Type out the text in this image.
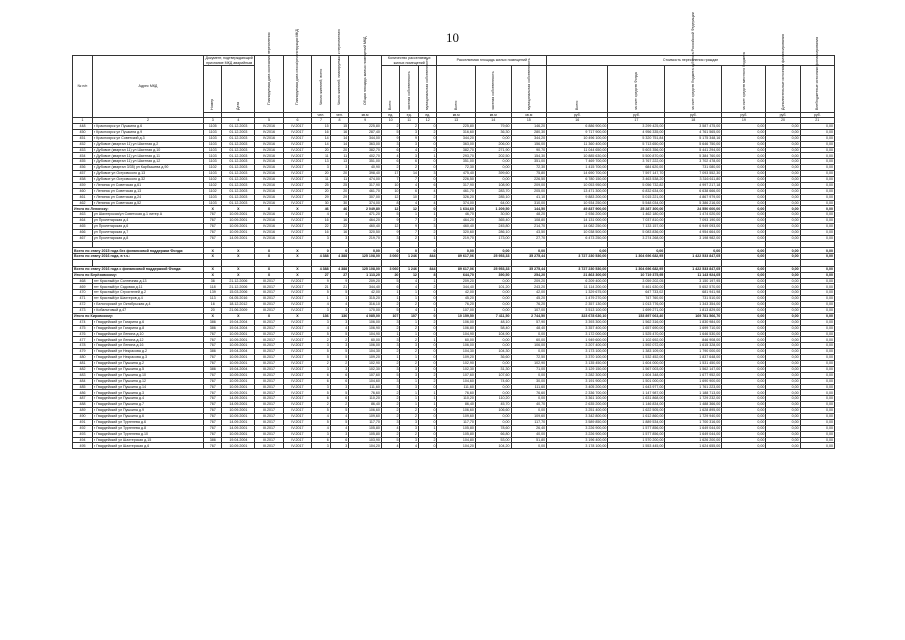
10
№ п/п	Адрес МКД	Документ, подтверждающий признание МКД аварийным		Планируемая дата окончания переселения	Планируемая дата сноса/реконструкции МКД	Число жителей, всего	Число жителей, планируемых к переселению	Общая площадь жилых помещений МКД	Количество расселяемых жилых помещений			Расселяемая площадь жилых помещений			Стоимость переселения граждан					
		Номер	Дата						Всего	частная собственность	муниципальная собственность	Всего	частная собственность	муниципальная собственность	Всего	за счет средств Фонда	за счет средств бюджета субъекта Российской Федерации	за счет средств местного бюджета	Дополнительные источники финансирования	Внебюджетные источники финансирования
						чел.	чел.	кв.м	ед.	ед.	ед.	кв.м	кв.м	кв.м	руб.	руб.	руб.	руб.	руб.	руб.
1	2	3	4	5	6	7	8	9	10	11	12	13	14	15	16	17	18	19	20	21
448	г Красноярск ул Пушкина д.6	1105	01.12.2003	IV.2016	IV.2017	15	15	225,80	2	2	0	225,80	79,60	146,20	6 886 900,00	3 299 425,00	3 587 475,00	0,00	0,00	0,00
450	г Красноярск ул Пушкина д.9	1103	01.12.2003	IV.2016	IV.2017	16	16	287,40	5	3	2	316,60	36,30	280,30	9 717 900,00	4 956 335,00	4 761 565,00	0,00	0,00	0,00
451	г Красноярск ул Советский д.3	1103	01.12.2003	IV.2016	IV.2017	14	14	344,00	9	9	0	344,20	0,00	344,20	10 496 100,00	5 320 751,84	5 175 348,16	0,00	0,00	0,00
452	г Дубовое (квартал 11) ул Шахтная д.2	1103	01.12.2003	IV.2016	IV.2017	14	14	363,00	3	3	0	363,00	206,00	156,00	11 360 400,00	5 713 650,00	5 646 750,00	0,00	0,00	0,00
453	г Дубовое (квартал 11) ул Шахтная д.10	1103	01.12.2003	IV.2016	IV.2017	20	20	382,70	6	4	2	382,70	271,90	90,70	11 044 650,00	5 603 356,00	5 441 294,00	0,00	0,00	0,00
454	г Дубовое (квартал 11) ул Шахтная д.11	1103	01.12.2003	IV.2016	IV.2017	11	11	402,70	4	3	1	293,70	202,50	154,30	10 885 630,00	5 500 870,00	5 384 760,00	0,00	0,00	0,00
455	г Дубовое (квартал 11) ул Шахтная д.12	1103	01.12.2003	IV.2016	IV.2017	13	13	351,00	6	6	0	351,00	0,00	351,00	7 469 700,00	3 767 222,00	3 702 478,00	0,00	0,00	0,00
456	г Дубовое (квартал 3/35) ул Карбышева д.90	1102	01.12.2003	IV.2016	IV.2017	3	3	40,90	2	2	0	72,30	0,00	72,30	1 415 700,00	684 620,00	731 080,00	0,00	0,00	0,00
457	г Дубовое ул Островского д.13	1103	01.12.2003	IV.2016	IV.2017	20	20	398,40	17	14	3	475,40	399,60	75,80	14 690 700,00	7 597 147,70	7 093 552,30	0,00	0,00	0,00
458	г Дубовое ул Островского д.32	1102	01.12.2003	IV.2016	IV.2017	11	11	474,00	7	7	0	226,50	0,00	226,50	6 780 150,00	3 463 538,20	3 316 611,80	0,00	0,00	0,00
459	г Ленинск ул Советская д.61	1102	01.12.2003	IV.2016	IV.2017	25	25	317,90	10	4	6	317,90	108,90	209,00	10 053 950,00	5 056 732,82	4 997 217,18	0,00	0,00	0,00
460	г Ленинск ул Советская д.13	1102	01.12.2003	IV.2016	IV.2017	20	20	461,70	10	6	4	461,70	283,70	205,00	13 471 300,00	6 832 634,00	6 638 666,00	0,00	0,00	0,00
461	г Ленинск ул Советская д.24	1103	01.12.2003	IV.2016	IV.2017	29	29	307,00	12	10	2	326,20	285,10	41,10	9 883 200,00	5 015 221,00	4 867 979,00	0,00	0,00	0,00
462	г Ленинск ул Советская д.52	1103	01.12.2003	IV.2016	IV.2017	30	30	374,00	8	4	4	374,00	64,00	310,00	10 934 250,00	5 548 034,00	5 386 216,00	0,00	0,00	0,00
Итого по Ленинску:		X	X	X	X	46	46	2 049,80	12	12	0	1 634,60	1 209,50	144,50	49 837 900,00	25 287 300,00	24 550 600,00	0,00	0,00	0,00
463	ул Шахтерская/ул Советская д.1 литер А	767	10.09.2001	IV.2016	IV.2017	4	4	471,20	5	1	1	46,70	30,50	48,20	2 936 200,00	1 462 180,00	1 474 020,00	0,00	0,00	0,00
464	ул Пролетарская д.4	767	10.09.2001	IV.2016	IV.2017	16	16	464,20	9	7	2	464,20	365,40	108,80	14 131 000,00	7 037 810,00	7 093 190,00	0,00	0,00	0,00
465	ул Пролетарская д.6	767	10.09.2001	IV.2016	IV.2017	22	22	460,40	12	9	3	460,40	245,80	214,70	14 082 250,00	7 133 157,00	6 949 093,00	0,00	0,00	0,00
466	ул Пролетарская д.7	767	10.09.2001	IV.2016	IV.2017	16	16	320,50	9	7	2	320,60	286,10	43,50	10 038 500,00	5 083 836,00	4 954 664,00	0,00	0,00	0,00
467	ул Пролетарская д.8	767	14.09.2001	IV.2016	IV.2017	3	3	219,70	3	2	1	219,70	173,00	27,70	6 473 250,00	3 274 268,00	3 198 982,00	0,00	0,00	0,00

Всего по этапу 2015 года без финансовой поддержки Фонда:		X	X	X	X	0	0	0,00	0	0	0	0,00	0,00	0,00	0,00	0,00	0,00	0,00	0,00	0,00
Всего по этапу 2016 года, в т.ч.:		X	X	X	X	4 388	4 388	125 108,00	3 060	1 246	844	89 617,06	25 953,33	35 275,44	3 727 230 530,00	1 304 696 682,95	1 422 533 847,05	0,00	0,00	0,00

Всего по этапу 2016 года с финансовой поддержкой Фонда:		X	X	X	X	4 388	4 388	125 108,00	3 060	1 246	844	89 617,06	25 953,33	35 275,44	3 727 230 530,00	1 304 696 682,95	1 422 533 847,05	0,00	0,00	0,00
Итого по Берёзовскому:		X	X	X	X	27	27	1 113,20	20	12	8	644,70	390,50	254,20	21 863 300,00	10 719 375,95	11 143 924,05	0,00	0,00	0,00
468	пгт Красный/ул Солнечная д.13	36	21.12.2006	III.2017	IV.2017	9	9	209,20	5	4	1	209,20	0,00	209,20	6 209 400,00	3 059 202,05	3 150 197,95	0,00	0,00	0,00
469	пгт Красный/ул Садовая д.11	118	21.12.2006	III.2017	IV.2017	21	21	344,40	6	4	2	344,40	101,20	243,20	11 114 200,00	5 461 630,00	5 652 570,00	0,00	0,00	0,00
470	пгт Красный/ул Строителей д.2	139	15.03.2006	III.2017	IV.2017	5	5	42,00	1	1	0	42,00	0,00	42,00	1 329 675,00	647 733,02	681 941,98	0,00	0,00	0,00
471	пгт Красный/ул Шахтеров д.4	113	04.05.2016	III.2017	IV.2017	1	1	315,20	1	1	0	45,20	0,00	45,20	1 479 270,00	747 760,00	731 510,00	0,00	0,00	0,00
472	г Белогорский ул Октябрьская д.4	16	18.12.2012	III.2017	IV.2017	4	4	316,10	2	2	0	76,20	0,00	76,20	2 357 130,00	1 013 776,00	1 343 354,00	0,00	0,00	0,00
473	г Кобальтовый д.47	20	21.06.2009	III.2017	IV.2017	3	3	170,00	5	4	1	107,00	0,00	107,00	3 513 100,00	1 699 271,00	1 813 829,00	0,00	0,00	0,00
Итого по Кировскому:		X	X	X	X	136	136	4 085,00	107	107	0	10 159,50	7 411,50	2 744,50	323 678 630,10	153 897 063,40	169 781 566,70	0,00	0,00	0,00
474	г Гвардейский ул Гагарина д.6	386	19.04.2004	III.2017	IV.2017	3	3	106,00	3	1	2	106,00	48,10	57,90	3 393 300,00	1 562 316,00	1 830 984,00	0,00	0,00	0,00
475	г Гвардейский ул Гагарина д.8	386	19.04.2004	III.2017	IV.2017	4	4	106,90	2	2	0	106,80	58,40	48,40	3 357 400,00	1 657 690,00	1 699 710,00	0,00	0,00	0,00
476	г Гвардейский ул Ленина д.10	767	10.09.2001	III.2017	IV.2017	5	5	104,90	1	1	0	104,90	104,90	0,00	3 172 000,00	1 525 470,00	1 646 530,00	0,00	0,00	0,00
477	г Гвардейский ул Ленина д.12	767	10.09.2001	III.2017	IV.2017	2	2	60,00	3	2	1	60,00	0,00	60,00	1 949 600,00	1 102 692,00	846 908,00	0,00	0,00	0,00
478	г Гвардейский ул Ленина д.16	767	10.09.2001	III.2017	IV.2017	3	3	106,00	3	3	0	106,00	0,00	106,00	3 207 400,00	1 592 072,00	1 615 328,00	0,00	0,00	0,00
479	г Гвардейский ул Некрасова д.2	386	19.04.2004	III.2017	IV.2017	5	5	104,30	2	2	0	104,30	104,30	0,00	3 173 100,00	1 383 109,00	1 790 000,00	0,00	0,00	0,00
480	г Гвардейский ул Некрасова д.3	767	10.09.2001	III.2017	IV.2017	5	5	109,20	1	1	0	109,20	36,60	72,50	3 370 100,00	1 532 452,00	1 837 648,00	0,00	0,00	0,00
481	г Гвардейский ул Пушкина д.2	767	10.09.2001	III.2017	IV.2017	2	2	102,90	2	2	0	102,90	0,00	102,90	3 135 450,00	1 604 000,00	1 531 450,00	0,00	0,00	0,00
482	г Гвардейский ул Пушкина д.5	386	19.04.2004	III.2017	IV.2017	3	3	102,30	3	3	0	102,30	31,30	71,00	3 129 150,00	1 567 003,00	1 562 147,00	0,00	0,00	0,00
483	г Гвардейский ул Пушкина д.10	767	10.09.2001	III.2017	IV.2017	6	6	107,60	5	3	2	107,60	107,60	0,00	3 282 300,00	1 604 348,00	1 677 952,00	0,00	0,00	0,00
484	г Гвардейский ул Пушкина д.12	767	10.09.2001	III.2017	IV.2017	6	6	104,60	3	1	2	104,60	74,60	30,00	3 191 900,00	1 501 000,00	1 690 900,00	0,00	0,00	0,00
485	г Гвардейский ул Пушкина д.14	767	10.09.2001	III.2017	IV.2017	3	3	111,60	3	3	0	111,60	0,00	111,60	3 405 200,00	1 643 977,00	1 761 223,00	0,00	0,00	0,00
486	г Гвардейский ул Пушкина д.3	767	10.09.2001	III.2017	IV.2017	5	5	76,60	2	1	1	76,60	0,00	76,60	2 336 700,00	1 147 987,00	1 188 713,00	0,00	0,00	0,00
487	г Гвардейский ул Пушкина д.4	767	14.09.2001	III.2017	IV.2017	6	6	110,20	2	1	1	110,20	110,20	0,00	3 361 100,00	1 631 868,00	1 729 232,00	0,00	0,00	0,00
488	г Гвардейский ул Пушкина д.7	767	14.09.2001	III.2017	IV.2017	2	2	86,40	2	1	1	86,40	45,70	40,70	2 635 200,00	1 146 834,00	1 488 366,00	0,00	0,00	0,00
489	г Гвардейский ул Пушкина д.9	767	10.09.2001	III.2017	IV.2017	5	5	106,60	2	2	0	106,60	106,60	0,00	3 251 400,00	1 622 505,00	1 628 895,00	0,00	0,00	0,00
490	г Гвардейский ул Пушкина д.6	767	10.09.2001	III.2017	IV.2017	4	4	109,60	2	2	0	109,60	0,00	109,60	3 342 800,00	1 612 860,00	1 729 940,00	0,00	0,00	0,00
491	г Гвардейский ул Тургенева д.6	767	14.09.2001	III.2017	IV.2017	5	5	117,70	3	3	0	117,70	0,00	117,70	3 589 850,00	1 889 534,00	1 700 316,00	0,00	0,00	0,00
492	г Гвардейский ул Тургенева д.8	767	14.09.2001	III.2017	IV.2017	4	4	105,80	4	3	1	105,80	78,60	26,40	3 226 900,00	1 577 856,00	1 649 044,00	0,00	0,00	0,00
493	г Гвардейский ул Тургенева д.10	767	10.09.2001	III.2017	IV.2017	3	3	105,80	2	2	0	105,80	66,80	40,00	3 226 900,00	1 577 856,00	1 649 044,00	0,00	0,00	0,00
494	г Гвардейский ул Шахтерская д.15	386	19.04.2004	III.2017	IV.2017	6	6	103,90	5	3	2	104,80	53,00	51,80	3 196 400,00	1 570 200,00	1 626 200,00	0,00	0,00	0,00
495	г Гвардейский ул Шахтерская д.6	767	10.09.2001	III.2017	IV.2017	3	3	104,20	4	4	0	104,20	104,20	0,00	3 178 100,00	1 553 445,00	1 624 655,00	0,00	0,00	0,00
